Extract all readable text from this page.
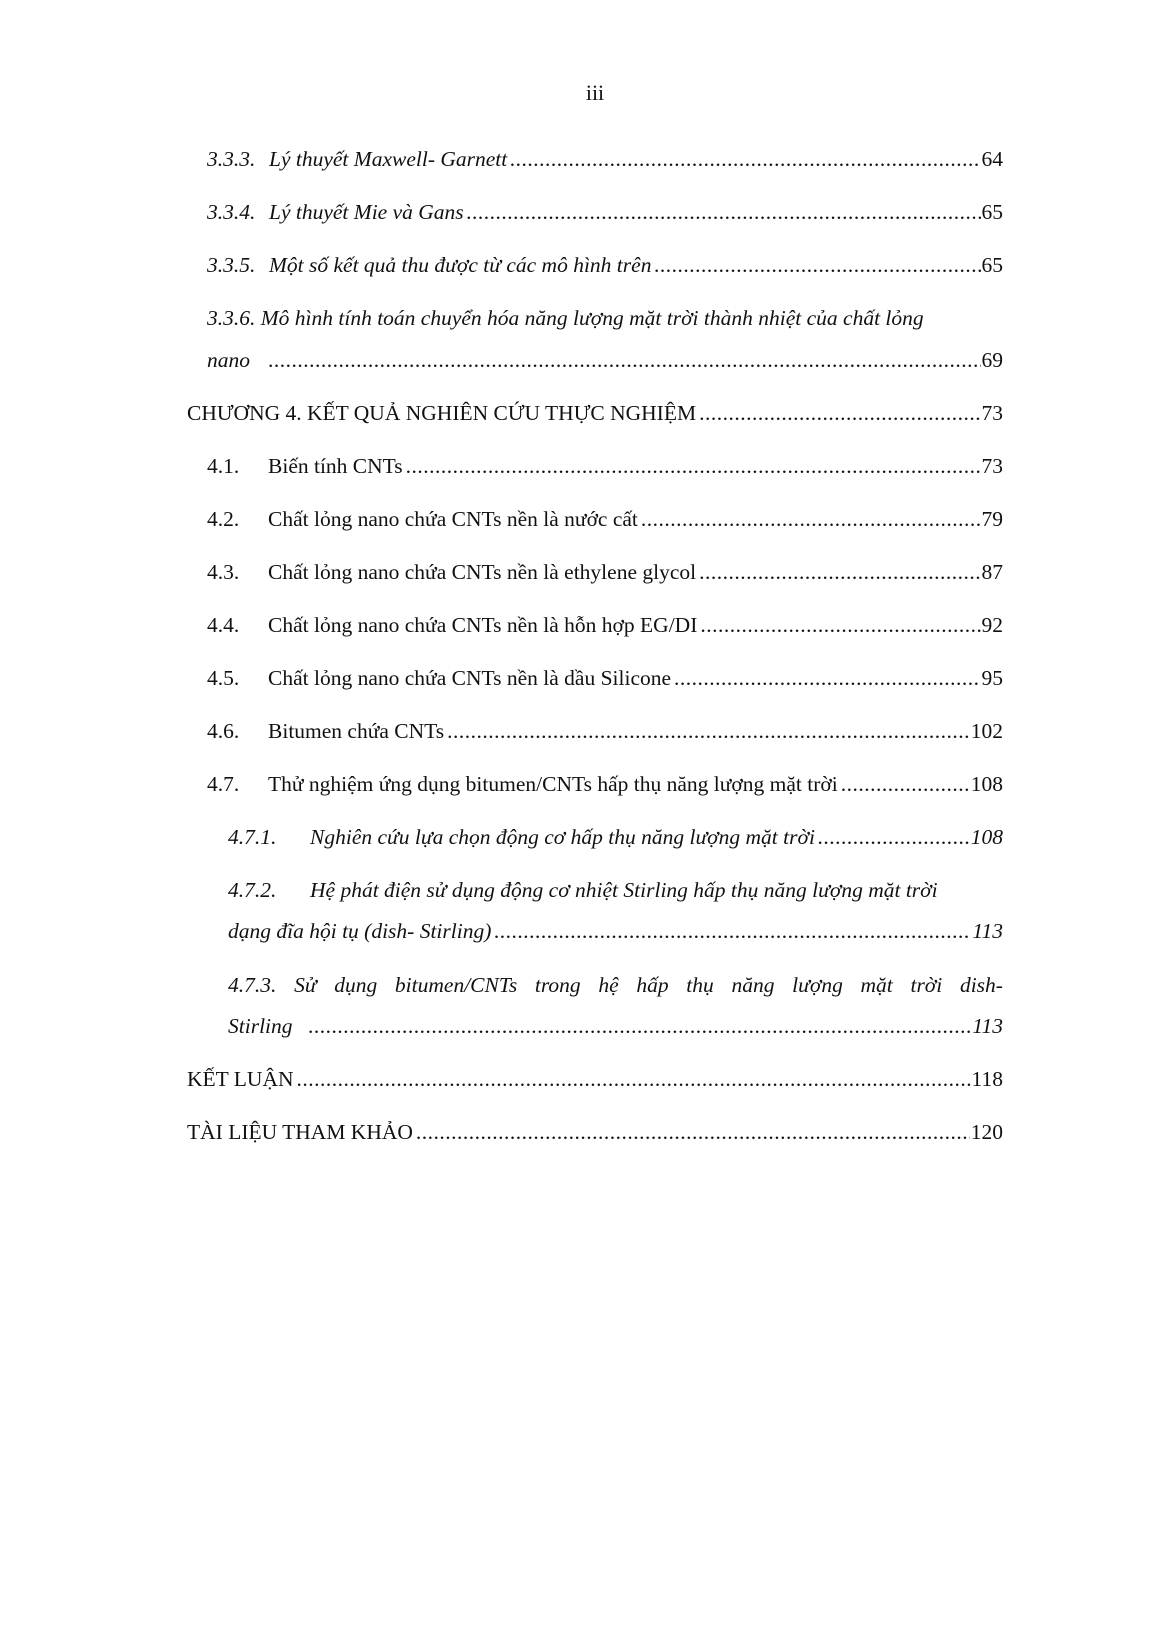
iii
3.3.3. Lý thuyết Maxwell- Garnett .....	64
3.3.4. Lý thuyết Mie và Gans .....	65
3.3.5. Một số kết quả thu được từ các mô hình trên .....	65
3.3.6. Mô hình tính toán chuyển hóa năng lượng mặt trời thành nhiệt của chất lỏng
nano .....	69
CHƯƠNG 4. KẾT QUẢ NGHIÊN CỨU THỰC NGHIỆM .....	73
4.1.	Biến tính CNTs .....	73
4.2.	Chất lỏng nano chứa CNTs nền là nước cất .....	79
4.3.	Chất lỏng nano chứa CNTs nền là ethylene glycol .....	87
4.4.	Chất lỏng nano chứa CNTs nền là hỗn hợp EG/DI .....	92
4.5.	Chất lỏng nano chứa CNTs nền là dầu Silicone .....	95
4.6.	Bitumen chứa CNTs .....	102
4.7.	Thử nghiệm ứng dụng bitumen/CNTs hấp thụ năng lượng mặt trời .....	108
4.7.1.	Nghiên cứu lựa chọn động cơ hấp thụ năng lượng mặt trời .....	108
4.7.2. Hệ phát điện sử dụng động cơ nhiệt Stirling hấp thụ năng lượng mặt trời
dạng đĩa hội tụ (dish- Stirling) .....	113
4.7.3. Sử dụng bitumen/CNTs trong hệ hấp thụ năng lượng mặt trời dish-
Stirling .....	113
KẾT LUẬN .....	118
TÀI LIỆU THAM KHẢO .....	120
